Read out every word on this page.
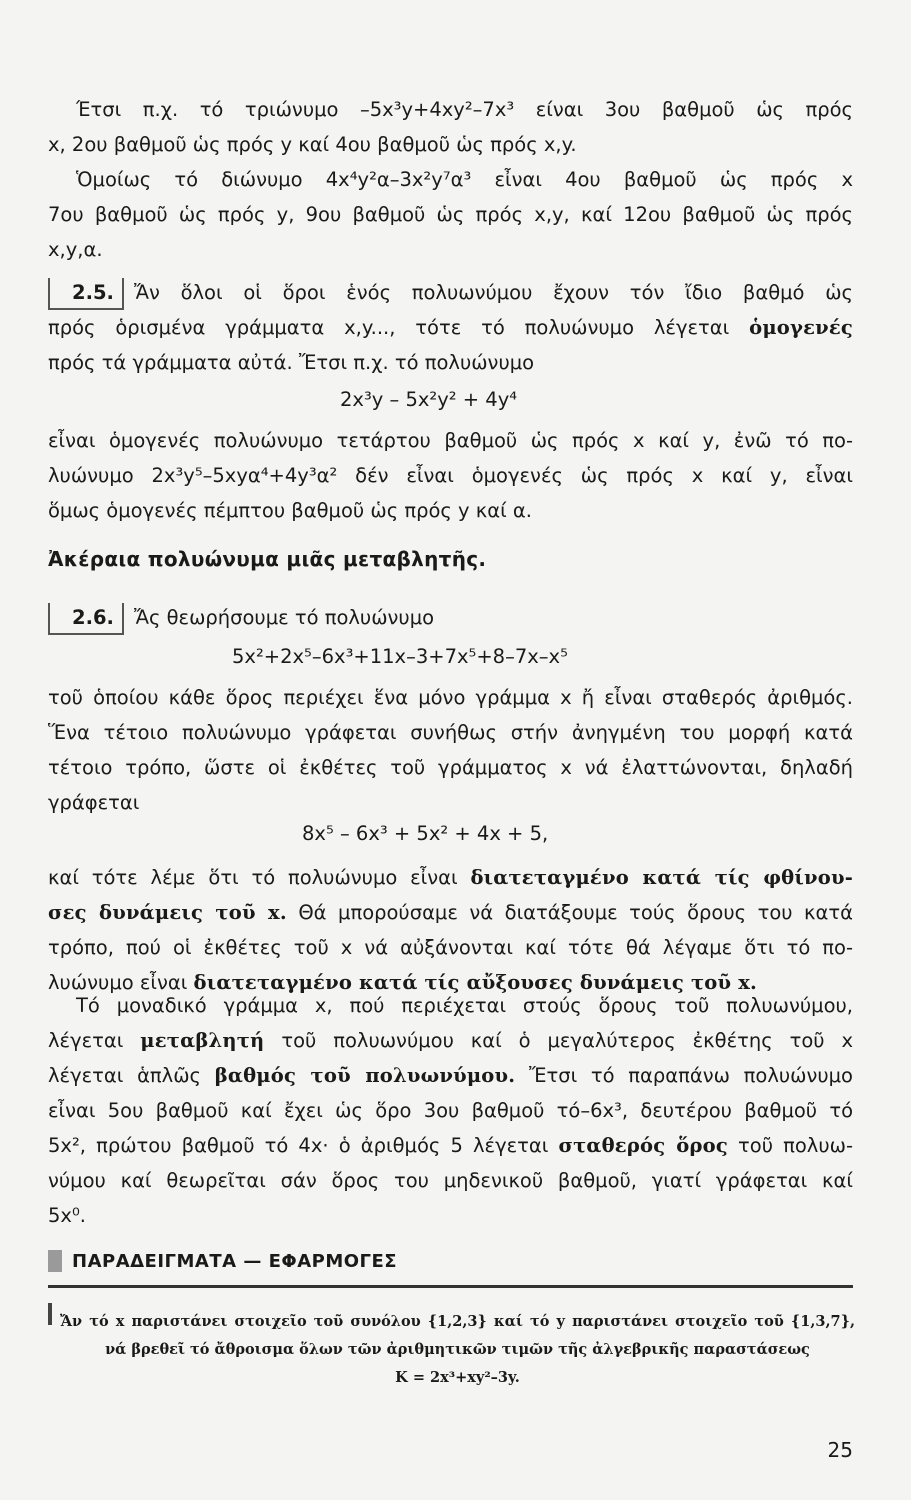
Έτσι π.χ. τό τριώνυμο –5x³y+4xy²–7x³ είναι 3ου βαθμοῦ ὡς πρός
x, 2ου βαθμοῦ ὡς πρός y καί 4ου βαθμοῦ ὡς πρός x,y.

Ὁμοίως τό διώνυμο 4x⁴y²α–3x²y⁷α³ εἶναι 4ου βαθμοῦ ὡς πρός x
7ου βαθμοῦ ὡς πρός y, 9ου βαθμοῦ ὡς πρός x,y, καί 12ου βαθμοῦ ὡς πρός
x,y,α.

2.5. Ἄν ὅλοι οἱ ὅροι ἑνός πολυωνύμου ἔχουν τόν ἴδιο βαθμό ὡς
πρός ὁρισμένα γράμματα x,y..., τότε τό πολυώνυμο λέγεται ὁμογενές
πρός τά γράμματα αὐτά. Ἔτσι π.χ. τό πολυώνυμο

2x³y – 5x²y² + 4y⁴

εἶναι ὁμογενές πολυώνυμο τετάρτου βαθμοῦ ὡς πρός x καί y, ἐνῶ τό πο-
λυώνυμο 2x³y⁵–5xyα⁴+4y³α² δέν εἶναι ὁμογενές ὡς πρός x καί y, εἶναι
ὅμως ὁμογενές πέμπτου βαθμοῦ ὡς πρός y καί α.

Ἀκέραια πολυώνυμα μιᾶς μεταβλητῆς.

2.6. Ἄς θεωρήσουμε τό πολυώνυμο

5x²+2x⁵–6x³+11x–3+7x⁵+8–7x–x⁵

τοῦ ὁποίου κάθε ὅρος περιέχει ἕνα μόνο γράμμα x ἤ εἶναι σταθερός ἀριθμός.
Ἕνα τέτοιο πολυώνυμο γράφεται συνήθως στήν ἀνηγμένη του μορφή κατά
τέτοιο τρόπο, ὥστε οἱ ἐκθέτες τοῦ γράμματος x νά ἐλαττώνονται, δηλαδή
γράφεται

8x⁵ – 6x³ + 5x² + 4x + 5,

καί τότε λέμε ὅτι τό πολυώνυμο εἶναι διατεταγμένο κατά τίς φθίνου-
σες δυνάμεις τοῦ x. Θά μπορούσαμε νά διατάξουμε τούς ὅρους του κατά
τρόπο, πού οἱ ἐκθέτες τοῦ x νά αὐξάνονται καί τότε θά λέγαμε ὅτι τό πο-
λυώνυμο εἶναι διατεταγμένο κατά τίς αὔξουσες δυνάμεις τοῦ x.

Τό μοναδικό γράμμα x, πού περιέχεται στούς ὅρους τοῦ πολυωνύμου,
λέγεται μεταβλητή τοῦ πολυωνύμου καί ὁ μεγαλύτερος ἐκθέτης τοῦ x
λέγεται ἁπλῶς βαθμός τοῦ πολυωνύμου. Ἔτσι τό παραπάνω πολυώνυμο
εἶναι 5ου βαθμοῦ καί ἔχει ὡς ὅρο 3ου βαθμοῦ τό–6x³, δευτέρου βαθμοῦ τό
5x², πρώτου βαθμοῦ τό 4x· ὁ ἀριθμός 5 λέγεται σταθερός ὅρος τοῦ πολυω-
νύμου καί θεωρεῖται σάν ὅρος του μηδενικοῦ βαθμοῦ, γιατί γράφεται καί
5x⁰.

ΠΑΡΑΔΕΙΓΜΑΤΑ — ΕΦΑΡΜΟΓΕΣ
Ἄν τό x παριστάνει στοιχεῖο τοῦ συνόλου {1,2,3} καί τό y παριστάνει στοιχεῖο τοῦ {1,3,7},
νά βρεθεῖ τό ἄθροισμα ὅλων τῶν ἀριθμητικῶν τιμῶν τῆς ἀλγεβρικῆς παραστάσεως
K = 2x³+xy²–3y.
25
